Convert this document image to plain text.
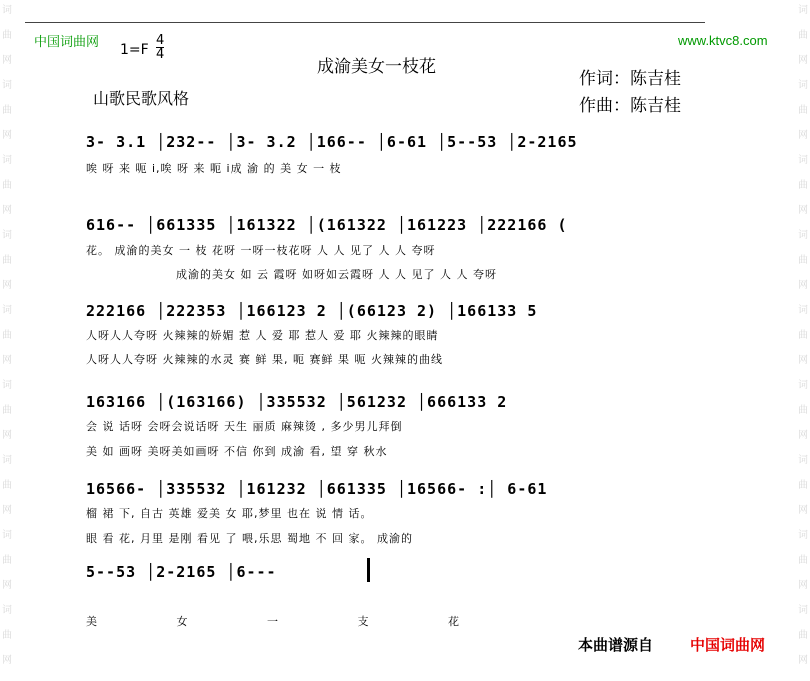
词
曲
网
词
曲
网
词
曲
网
词
曲
网
词
曲
网
词
曲
网
词
曲
网
词
曲
网
词
曲
网
词
曲
网
词
曲
网
词
曲
网
词
曲
网
词
曲
网
词
曲
网
词
曲
网
词
曲
网
词
曲
网
中国词曲网	www.ktvc8.com
1=F
4
4
成渝美女一枝花
作词：陈吉桂
作曲：陈吉桂
山歌民歌风格
3- 3.1 │232-- │3- 3.2 │166-- │6-61 │5--53 │2-2165
唉 呀 来 呃 i,唉 呀 来 呃 i成 渝 的 美 女 一 枝
616-- │661335 │161322 │(161322 │161223 │222166 (
花。 成渝的美女 一 枝 花呀 一呀一枝花呀 人 人 见了 人 人 夸呀
成渝的美女 如 云 霞呀 如呀如云霞呀 人 人 见了 人 人 夸呀
222166 │222353 │166123 2 │(66123 2) │166133 5
人呀人人夸呀 火辣辣的娇媚 惹 人 爱 耶 惹人 爱 耶 火辣辣的眼睛
人呀人人夸呀 火辣辣的水灵 赛 鲜 果, 呃 赛鲜 果 呃 火辣辣的曲线
163166 │(163166) │335532 │561232 │666133 2
会 说 话呀 会呀会说话呀 天生 丽质 麻辣烫 , 多少男儿拜倒
美 如 画呀 美呀美如画呀 不信 你到 成渝 看, 望 穿 秋水
16566- │335532 │161232 │661335 │16566- :│ 6-61
榴 裙 下, 自古 英雄 爱美 女 耶,梦里 也在 说 情 话。
眼 看 花, 月里 是刚 看见 了 喂,乐思 蜀地 不 回 家。 成渝的
5--53 │2-2165 │6---
美 女 一 支 花
本曲谱源自 中国词曲网
